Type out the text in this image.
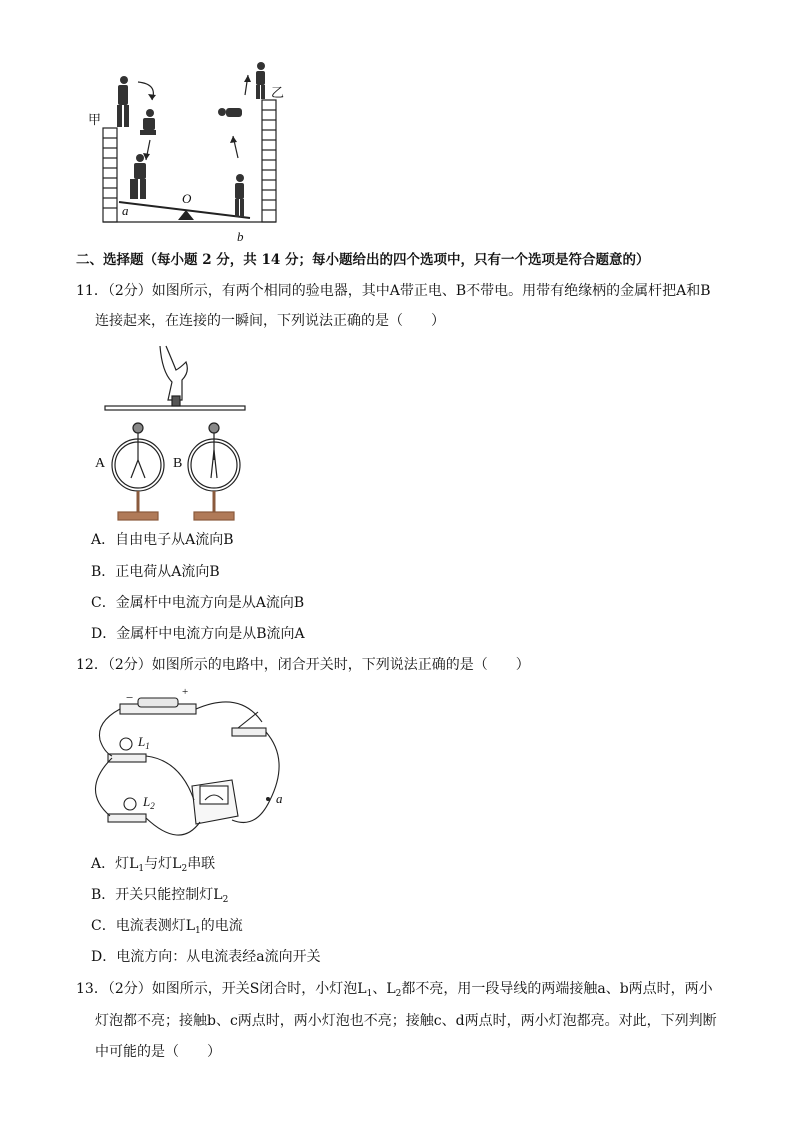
甲
乙
O
a
b
二、选择题（每小题 2 分，共 14 分；每小题给出的四个选项中，只有一个选项是符合题意的）
11．（2分）如图所示，有两个相同的验电器，其中A带正电、B不带电。用带有绝缘柄的金属杆把A和B
连接起来，在连接的一瞬间，下列说法正确的是（　　）
A	B
A．自由电子从A流向B
B．正电荷从A流向B
C．金属杆中电流方向是从A流向B
D．金属杆中电流方向是从B流向A
12．（2分）如图所示的电路中，闭合开关时，下列说法正确的是（　　）
−	+
$L_1$
$L_2$	a
A．灯$L_1$与灯$L_2$串联
B．开关只能控制灯$L_2$
C．电流表测灯$L_1$的电流
D．电流方向：从电流表经a流向开关
13．（2分）如图所示，开关S闭合时，小灯泡$L_1$、$L_2$都不亮，用一段导线的两端接触a、b两点时，两小
灯泡都不亮；接触b、c两点时，两小灯泡也不亮；接触c、d两点时，两小灯泡都亮。对此，下列判断
中可能的是（　　）
